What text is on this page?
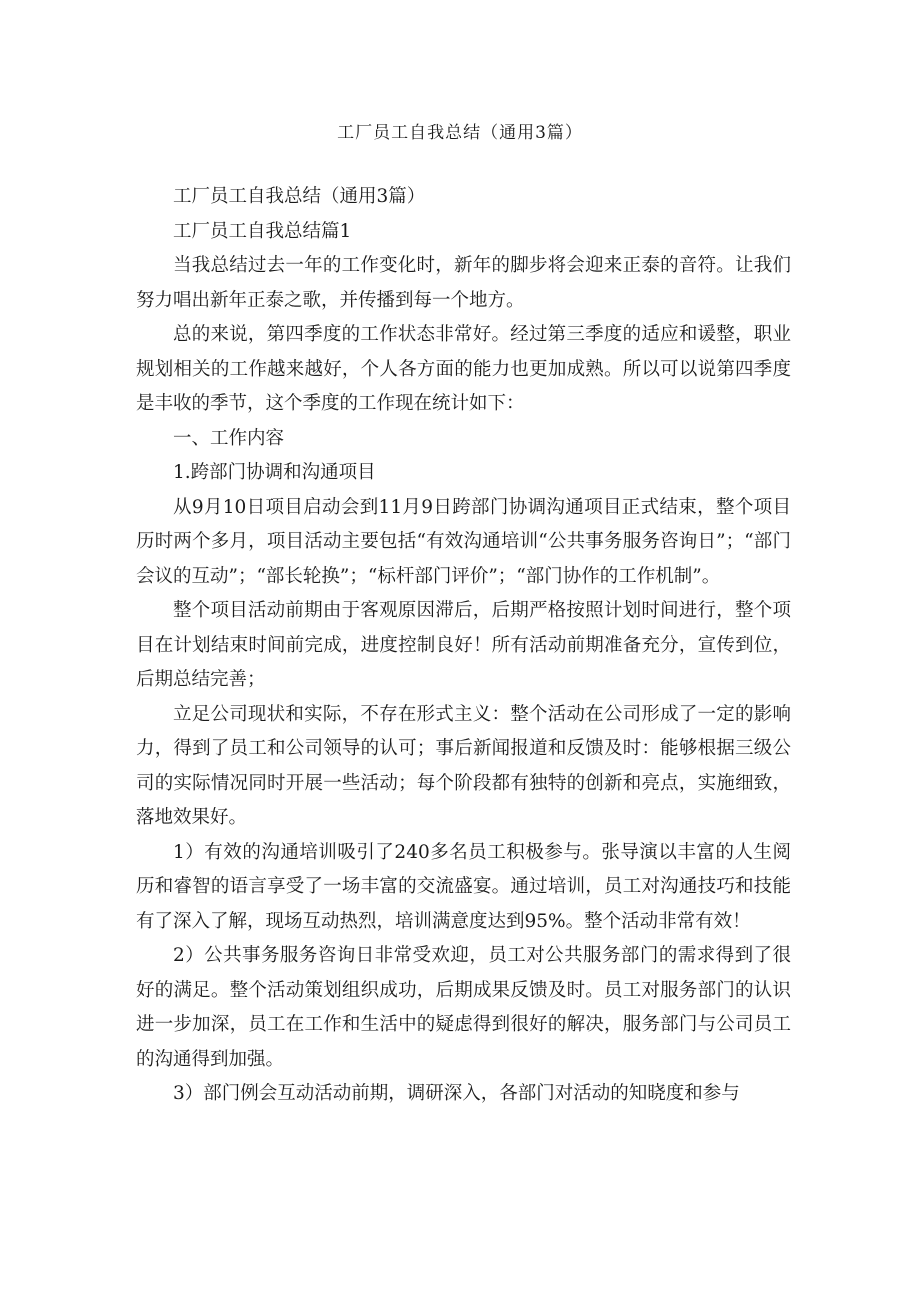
工厂员工自我总结（通用3篇）

工厂员工自我总结（通用3篇）

工厂员工自我总结篇1

当我总结过去一年的工作变化时，新年的脚步将会迎来正泰的音符。让我们努力唱出新年正泰之歌，并传播到每一个地方。

总的来说，第四季度的工作状态非常好。经过第三季度的适应和谖整，职业规划相关的工作越来越好，个人各方面的能力也更加成熟。所以可以说第四季度是丰收的季节，这个季度的工作现在统计如下：

一、工作内容

1.跨部门协调和沟通项目

从9月10日项目启动会到11月9日跨部门协调沟通项目正式结束，整个项目历时两个多月，项目活动主要包括“有效沟通培训“公共事务服务咨询日”；“部门会议的互动”；“部长轮换”；“标杆部门评价”；“部门协作的工作机制”。

整个项目活动前期由于客观原因滞后，后期严格按照计划时间进行，整个项目在计划结束时间前完成，进度控制良好！所有活动前期准备充分，宣传到位，后期总结完善；

立足公司现状和实际，不存在形式主义：整个活动在公司形成了一定的影响力，得到了员工和公司领导的认可；事后新闻报道和反馈及时：能够根据三级公司的实际情况同时开展一些活动；每个阶段都有独特的创新和亮点，实施细致，落地效果好。

1）有效的沟通培训吸引了240多名员工积极参与。张导演以丰富的人生阅历和睿智的语言享受了一场丰富的交流盛宴。通过培训，员工对沟通技巧和技能有了深入了解，现场互动热烈，培训满意度达到95%。整个活动非常有效！

2）公共事务服务咨询日非常受欢迎，员工对公共服务部门的需求得到了很好的满足。整个活动策划组织成功，后期成果反馈及时。员工对服务部门的认识进一步加深，员工在工作和生活中的疑虑得到很好的解决，服务部门与公司员工的沟通得到加强。

3）部门例会互动活动前期，调研深入，各部门对活动的知晓度和参与
